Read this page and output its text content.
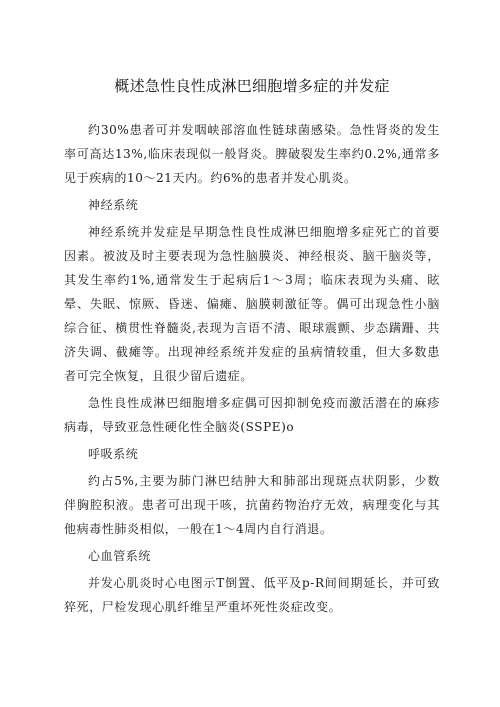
概述急性良性成淋巴细胞增多症的并发症

约30%患者可并发咽峡部溶血性链球菌感染。急性肾炎的发生率可高达13%,临床表现似一般肾炎。脾破裂发生率约0.2%,通常多见于疾病的10～21天内。约6%的患者并发心肌炎。

神经系统

神经系统并发症是早期急性良性成淋巴细胞增多症死亡的首要因素。被波及时主要表现为急性脑膜炎、神经根炎、脑干脑炎等，其发生率约1%,通常发生于起病后1～3周；临床表现为头痛、眩晕、失眠、惊厥、昏迷、偏瘫、脑膜刺激征等。偶可出现急性小脑综合征、横贯性脊髓炎,表现为言语不清、眼球震颤、步态蹒跚、共济失调、截瘫等。出现神经系统并发症的虽病情较重，但大多数患者可完全恢复，且很少留后遗症。

急性良性成淋巴细胞增多症偶可因抑制免疫而激活潜在的麻疹病毒，导致亚急性硬化性全脑炎(SSPE)o

呼吸系统

约占5%,主要为肺门淋巴结肿大和肺部出现斑点状阴影，少数伴胸腔积液。患者可出现干咳，抗菌药物治疗无效，病理变化与其他病毒性肺炎相似，一般在1～4周内自行消退。

心血管系统

并发心肌炎时心电图示T倒置、低平及p-R间间期延长，并可致猝死，尸检发现心肌纤维呈严重坏死性炎症改变。
